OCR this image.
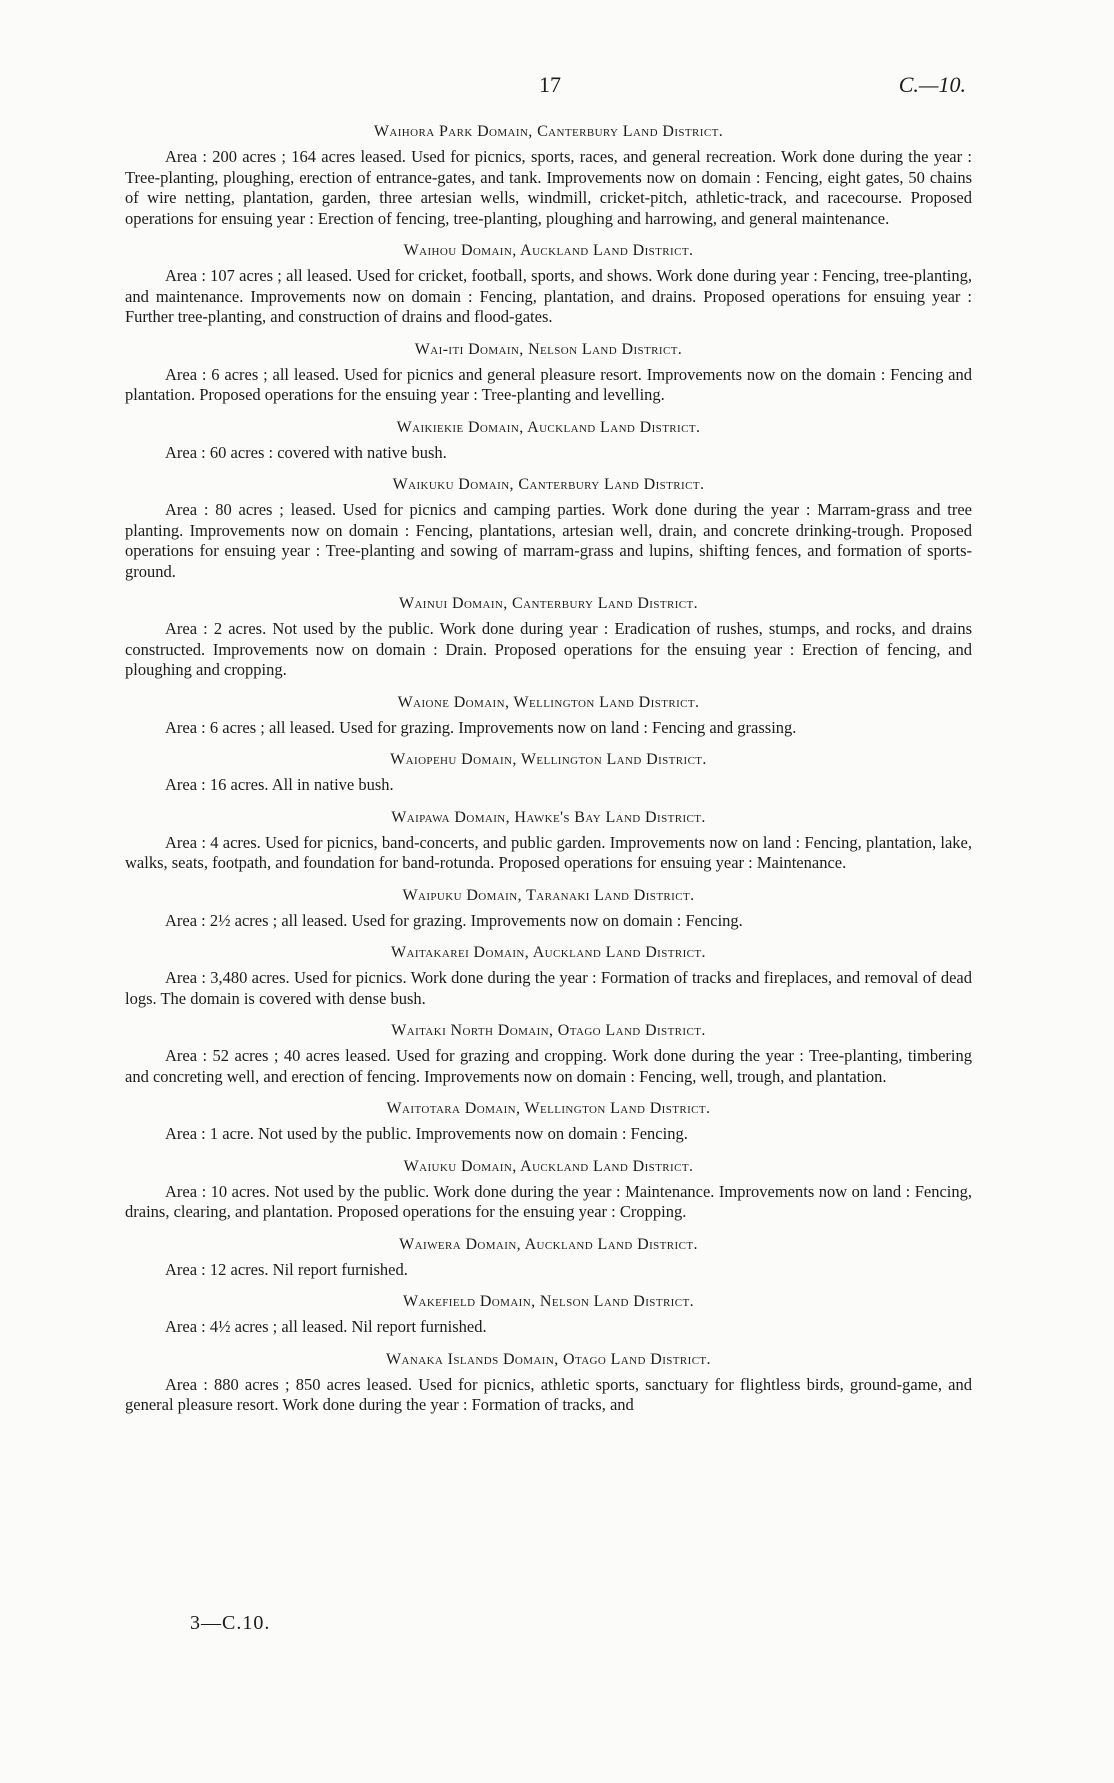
17	C.—10.
Waihora Park Domain, Canterbury Land District.

Area : 200 acres ; 164 acres leased. Used for picnics, sports, races, and general recreation. Work done during the year : Tree-planting, ploughing, erection of entrance-gates, and tank. Improvements now on domain : Fencing, eight gates, 50 chains of wire netting, plantation, garden, three artesian wells, windmill, cricket-pitch, athletic-track, and racecourse. Proposed operations for ensuing year : Erection of fencing, tree-planting, ploughing and harrowing, and general maintenance.

Waihou Domain, Auckland Land District.

Area : 107 acres ; all leased. Used for cricket, football, sports, and shows. Work done during year : Fencing, tree-planting, and maintenance. Improvements now on domain : Fencing, plantation, and drains. Proposed operations for ensuing year : Further tree-planting, and construction of drains and flood-gates.

Wai-iti Domain, Nelson Land District.

Area : 6 acres ; all leased. Used for picnics and general pleasure resort. Improvements now on the domain : Fencing and plantation. Proposed operations for the ensuing year : Tree-planting and levelling.

Waikiekie Domain, Auckland Land District.

Area : 60 acres : covered with native bush.

Waikuku Domain, Canterbury Land District.

Area : 80 acres ; leased. Used for picnics and camping parties. Work done during the year : Marram-grass and tree planting. Improvements now on domain : Fencing, plantations, artesian well, drain, and concrete drinking-trough. Proposed operations for ensuing year : Tree-planting and sowing of marram-grass and lupins, shifting fences, and formation of sports-ground.

Wainui Domain, Canterbury Land District.

Area : 2 acres. Not used by the public. Work done during year : Eradication of rushes, stumps, and rocks, and drains constructed. Improvements now on domain : Drain. Proposed operations for the ensuing year : Erection of fencing, and ploughing and cropping.

Waione Domain, Wellington Land District.

Area : 6 acres ; all leased. Used for grazing. Improvements now on land : Fencing and grassing.

Waiopehu Domain, Wellington Land District.

Area : 16 acres. All in native bush.

Waipawa Domain, Hawke's Bay Land District.

Area : 4 acres. Used for picnics, band-concerts, and public garden. Improvements now on land : Fencing, plantation, lake, walks, seats, footpath, and foundation for band-rotunda. Proposed operations for ensuing year : Maintenance.

Waipuku Domain, Taranaki Land District.

Area : 2½ acres ; all leased. Used for grazing. Improvements now on domain : Fencing.

Waitakarei Domain, Auckland Land District.

Area : 3,480 acres. Used for picnics. Work done during the year : Formation of tracks and fireplaces, and removal of dead logs. The domain is covered with dense bush.

Waitaki North Domain, Otago Land District.

Area : 52 acres ; 40 acres leased. Used for grazing and cropping. Work done during the year : Tree-planting, timbering and concreting well, and erection of fencing. Improvements now on domain : Fencing, well, trough, and plantation.

Waitotara Domain, Wellington Land District.

Area : 1 acre. Not used by the public. Improvements now on domain : Fencing.

Waiuku Domain, Auckland Land District.

Area : 10 acres. Not used by the public. Work done during the year : Maintenance. Improvements now on land : Fencing, drains, clearing, and plantation. Proposed operations for the ensuing year : Cropping.

Waiwera Domain, Auckland Land District.

Area : 12 acres. Nil report furnished.

Wakefield Domain, Nelson Land District.

Area : 4½ acres ; all leased. Nil report furnished.

Wanaka Islands Domain, Otago Land District.

Area : 880 acres ; 850 acres leased. Used for picnics, athletic sports, sanctuary for flightless birds, ground-game, and general pleasure resort. Work done during the year : Formation of tracks, and

3—C.10.
